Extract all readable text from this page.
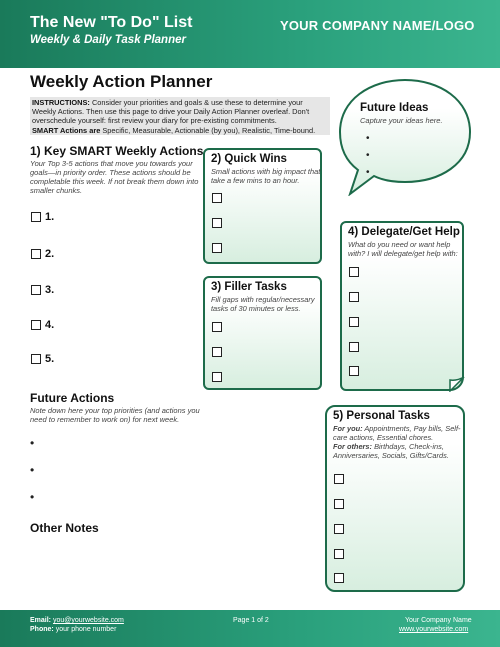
The New "To Do" List
Weekly & Daily Task Planner
YOUR COMPANY NAME/LOGO
Weekly Action Planner
INSTRUCTIONS: Consider your priorities and goals & use these to determine your Weekly Actions. Then use this page to drive your Daily Action Planner overleaf. Don't overschedule yourself: first review your diary for pre-existing commitments.
SMART Actions are Specific, Measurable, Actionable (by you), Realistic, Time-bound.
1) Key SMART Weekly Actions
Your Top 3-5 actions that move you towards your goals—in priority order. These actions should be completable this week. If not break them down into smaller chunks.
1.
2.
3.
4.
5.
2) Quick Wins
Small actions with big impact that take a few mins to an hour.
3) Filler Tasks
Fill gaps with regular/necessary tasks of 30 minutes or less.
Future Ideas
Capture your ideas here.
•
•
•
4) Delegate/Get Help
What do you need or want help with? I will delegate/get help with:
Future Actions
Note down here your top priorities (and actions you need to remember to work on) for next week.
•
•
•
5) Personal Tasks
For you: Appointments, Pay bills, Self-care actions, Essential chores.
For others: Birthdays, Check-ins, Anniversaries, Socials, Gifts/Cards.
Other Notes
Email: you@yourwebsite.com
Phone: your phone number
Page 1 of 2	Your Company Name
www.yourwebsite.com
